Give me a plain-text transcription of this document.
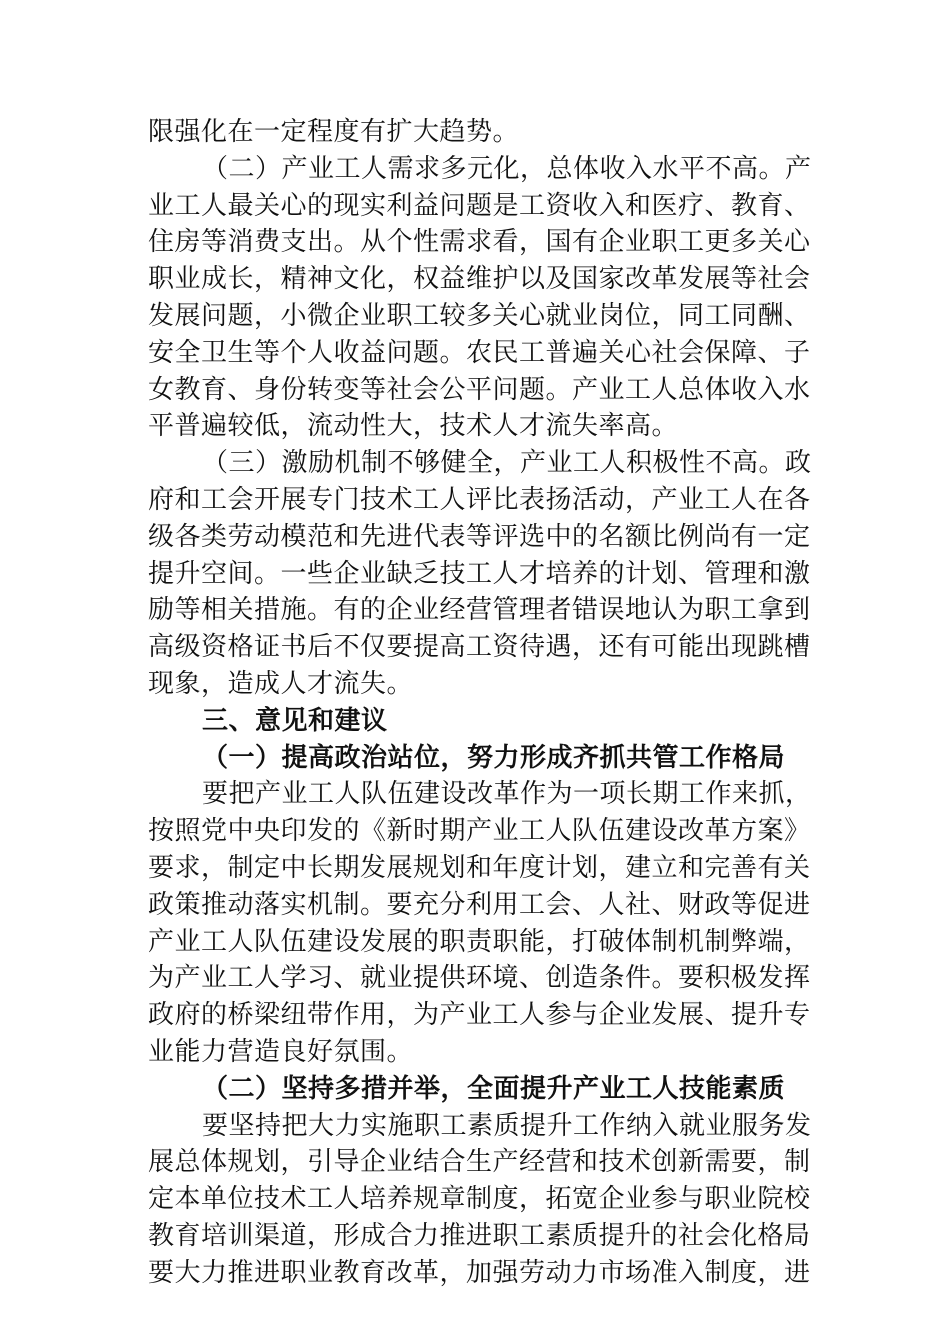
限强化在一定程度有扩大趋势。
（二）产业工人需求多元化，总体收入水平不高。产
业工人最关心的现实利益问题是工资收入和医疗、教育、
住房等消费支出。从个性需求看，国有企业职工更多关心
职业成长，精神文化，权益维护以及国家改革发展等社会
发展问题，小微企业职工较多关心就业岗位，同工同酬、
安全卫生等个人收益问题。农民工普遍关心社会保障、子
女教育、身份转变等社会公平问题。产业工人总体收入水
平普遍较低，流动性大，技术人才流失率高。
（三）激励机制不够健全，产业工人积极性不高。政
府和工会开展专门技术工人评比表扬活动，产业工人在各
级各类劳动模范和先进代表等评选中的名额比例尚有一定
提升空间。一些企业缺乏技工人才培养的计划、管理和激
励等相关措施。有的企业经营管理者错误地认为职工拿到
高级资格证书后不仅要提高工资待遇，还有可能出现跳槽
现象，造成人才流失。
三、意见和建议
（一）提高政治站位，努力形成齐抓共管工作格局
要把产业工人队伍建设改革作为一项长期工作来抓，
按照党中央印发的《新时期产业工人队伍建设改革方案》
要求，制定中长期发展规划和年度计划，建立和完善有关
政策推动落实机制。要充分利用工会、人社、财政等促进
产业工人队伍建设发展的职责职能，打破体制机制弊端，
为产业工人学习、就业提供环境、创造条件。要积极发挥
政府的桥梁纽带作用，为产业工人参与企业发展、提升专
业能力营造良好氛围。
（二）坚持多措并举，全面提升产业工人技能素质
要坚持把大力实施职工素质提升工作纳入就业服务发
展总体规划，引导企业结合生产经营和技术创新需要，制
定本单位技术工人培养规章制度，拓宽企业参与职业院校
教育培训渠道，形成合力推进职工素质提升的社会化格局
要大力推进职业教育改革，加强劳动力市场准入制度，进
